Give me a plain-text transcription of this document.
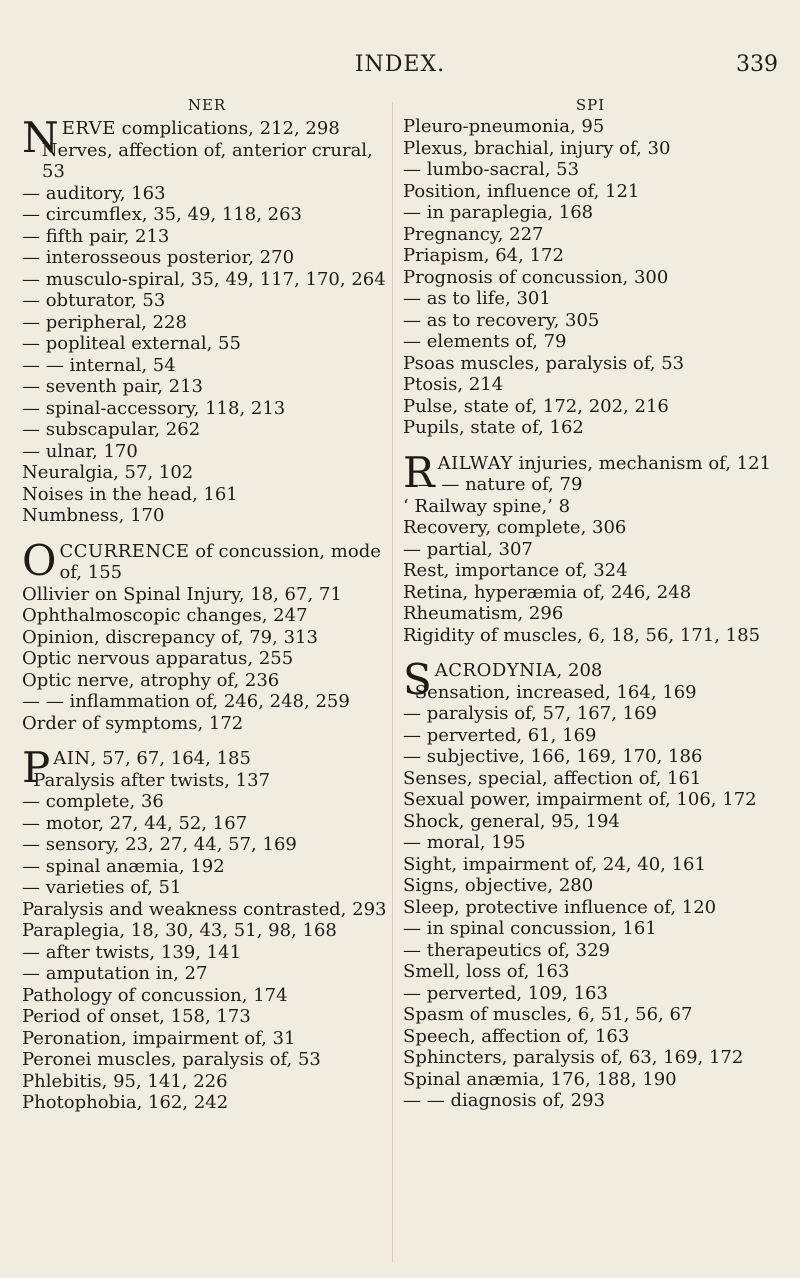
INDEX.	339
NER
NERVE complications, 212, 298
Nerves, affection of, anterior crural, 53
— auditory, 163
— circumflex, 35, 49, 118, 263
— fifth pair, 213
— interosseous posterior, 270
— musculo-spiral, 35, 49, 117, 170, 264
— obturator, 53
— peripheral, 228
— popliteal external, 55
— — internal, 54
— seventh pair, 213
— spinal-accessory, 118, 213
— subscapular, 262
— ulnar, 170
Neuralgia, 57, 102
Noises in the head, 161
Numbness, 170
OCCURRENCE of concussion, mode of, 155
Ollivier on Spinal Injury, 18, 67, 71
Ophthalmoscopic changes, 247
Opinion, discrepancy of, 79, 313
Optic nervous apparatus, 255
Optic nerve, atrophy of, 236
— — inflammation of, 246, 248, 259
Order of symptoms, 172
PAIN, 57, 67, 164, 185
Paralysis after twists, 137
— complete, 36
— motor, 27, 44, 52, 167
— sensory, 23, 27, 44, 57, 169
— spinal anæmia, 192
— varieties of, 51
Paralysis and weakness contrasted, 293
Paraplegia, 18, 30, 43, 51, 98, 168
— after twists, 139, 141
— amputation in, 27
Pathology of concussion, 174
Period of onset, 158, 173
Peronation, impairment of, 31
Peronei muscles, paralysis of, 53
Phlebitis, 95, 141, 226
Photophobia, 162, 242
SPI
Pleuro-pneumonia, 95
Plexus, brachial, injury of, 30
— lumbo-sacral, 53
Position, influence of, 121
— in paraplegia, 168
Pregnancy, 227
Priapism, 64, 172
Prognosis of concussion, 300
— as to life, 301
— as to recovery, 305
— elements of, 79
Psoas muscles, paralysis of, 53
Ptosis, 214
Pulse, state of, 172, 202, 216
Pupils, state of, 162
RAILWAY injuries, mechanism of, 121
— — nature of, 79
‘ Railway spine,’ 8
Recovery, complete, 306
— partial, 307
Rest, importance of, 324
Retina, hyperæmia of, 246, 248
Rheumatism, 296
Rigidity of muscles, 6, 18, 56, 171, 185
SACRODYNIA, 208
Sensation, increased, 164, 169
— paralysis of, 57, 167, 169
— perverted, 61, 169
— subjective, 166, 169, 170, 186
Senses, special, affection of, 161
Sexual power, impairment of, 106, 172
Shock, general, 95, 194
— moral, 195
Sight, impairment of, 24, 40, 161
Signs, objective, 280
Sleep, protective influence of, 120
— in spinal concussion, 161
— therapeutics of, 329
Smell, loss of, 163
— perverted, 109, 163
Spasm of muscles, 6, 51, 56, 67
Speech, affection of, 163
Sphincters, paralysis of, 63, 169, 172
Spinal anæmia, 176, 188, 190
— — diagnosis of, 293
